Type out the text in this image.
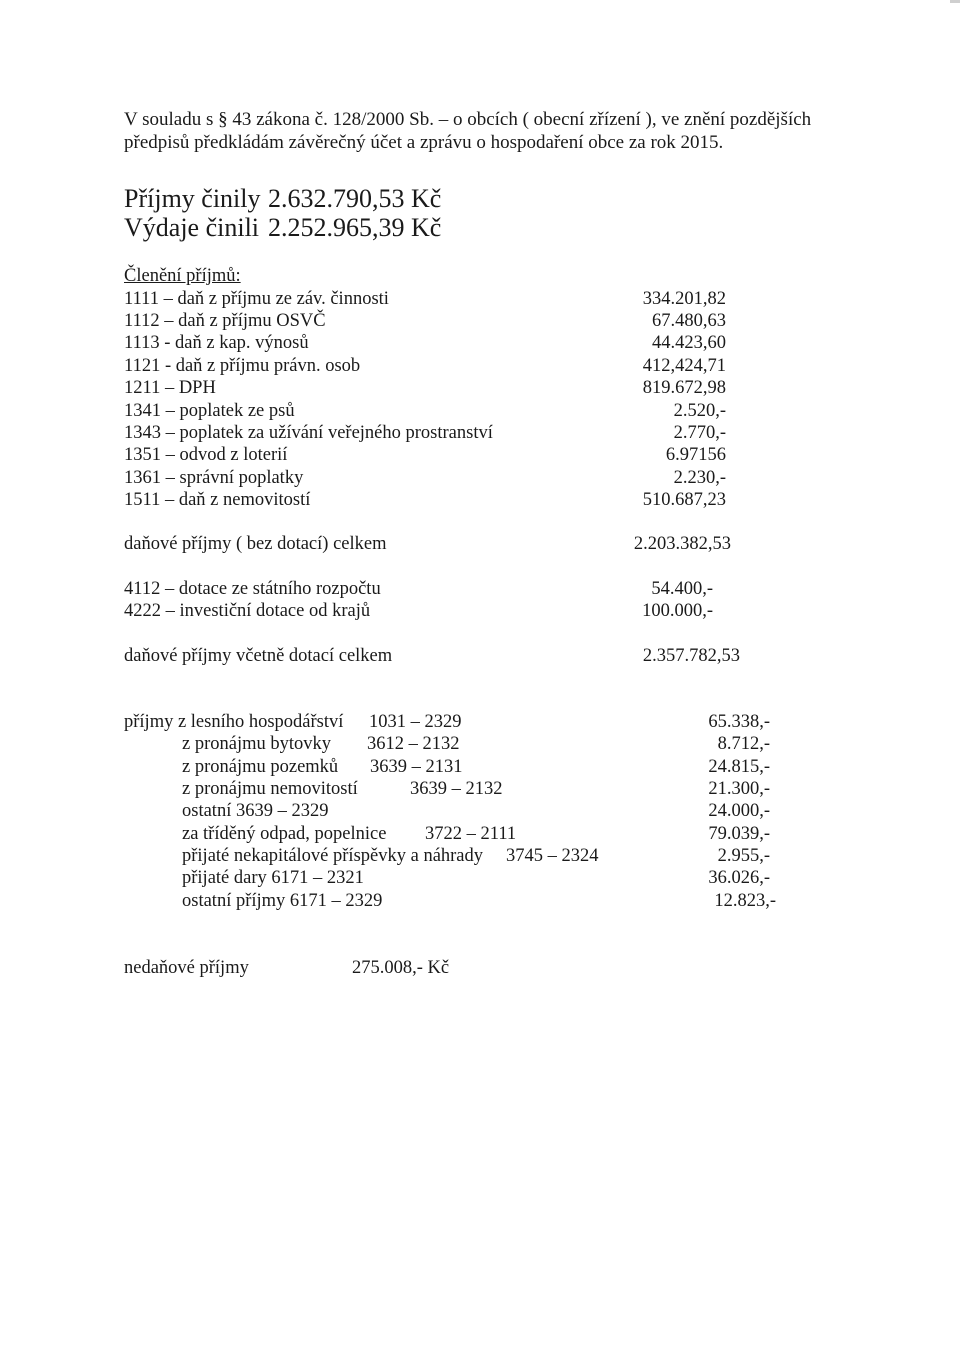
V souladu s § 43 zákona č. 128/2000 Sb. – o obcích ( obecní zřízení ), ve znění pozdějších
předpisů předkládám závěrečný účet a zprávu o hospodaření obce za rok 2015.
Příjmy činily 2.632.790,53 Kč
Výdaje činili 2.252.965,39 Kč
Členění příjmů:
1111 – daň z příjmu ze záv. činnosti	334.201,82
1112 – daň z příjmu OSVČ	67.480,63
1113 - daň z kap. výnosů	44.423,60
1121 - daň z příjmu právn. osob	412,424,71
1211 – DPH	819.672,98
1341 – poplatek ze psů	2.520,-
1343 – poplatek za užívání veřejného prostranství	2.770,-
1351 – odvod z loterií	6.97156
1361 – správní poplatky	2.230,-
1511 – daň z nemovitostí	510.687,23
daňové příjmy ( bez dotací) celkem	2.203.382,53
4112 – dotace ze státního rozpočtu	54.400,-
4222 – investiční dotace od krajů	100.000,-
daňové příjmy včetně dotací celkem	2.357.782,53
příjmy z lesního hospodářství 1031 – 2329	65.338,-
z pronájmu bytovky 3612 – 2132	8.712,-
z pronájmu pozemků 3639 – 2131	24.815,-
z pronájmu nemovitostí	3639 – 2132	21.300,-
ostatní 3639 – 2329	24.000,-
za tříděný odpad, popelnice 3722 – 2111	79.039,-
přijaté nekapitálové příspěvky a náhrady 3745 – 2324	2.955,-
přijaté dary 6171 – 2321	36.026,-
ostatní příjmy 6171 – 2329	12.823,-
nedaňové příjmy	275.008,- Kč
